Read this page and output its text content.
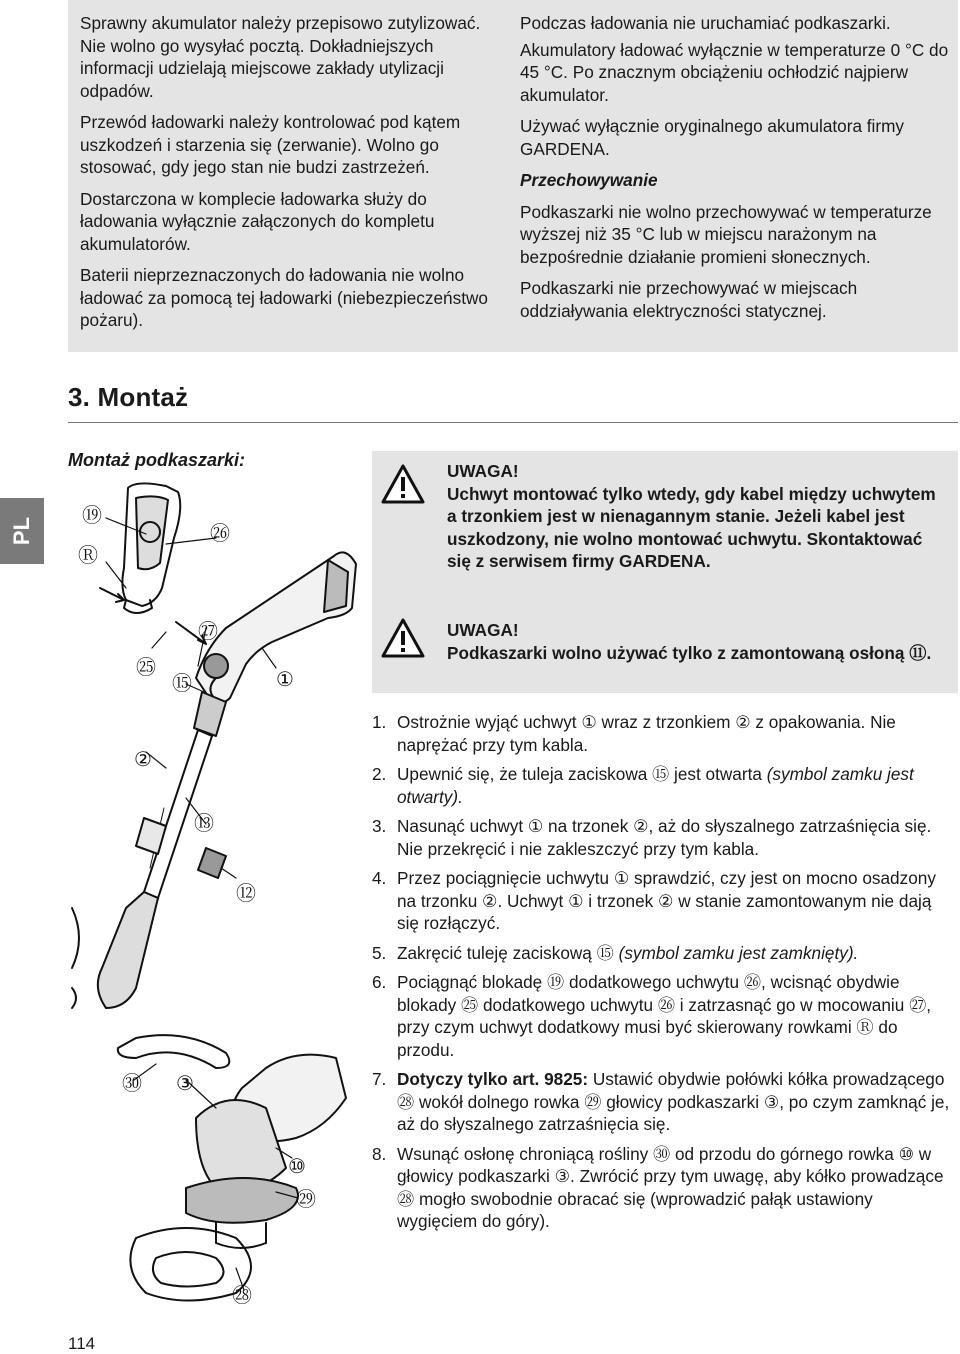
Sprawny akumulator należy przepisowo zutylizować. Nie wolno go wysyłać pocztą. Dokładniejszych informacji udzielają miejscowe zakłady utylizacji odpadów.

Przewód ładowarki należy kontrolować pod kątem uszkodzeń i starzenia się (zerwanie). Wolno go stosować, gdy jego stan nie budzi zastrzeżeń.

Dostarczona w komplecie ładowarka służy do ładowania wyłącznie załączonych do kompletu akumulatorów.

Baterii nieprzeznaczonych do ładowania nie wolno ładować za pomocą tej ładowarki (niebezpieczeństwo pożaru).

Podczas ładowania nie uruchamiać podkaszarki.

Akumulatory ładować wyłącznie w temperaturze 0 °C do 45 °C. Po znacznym obciążeniu ochłodzić najpierw akumulator.

Używać wyłącznie oryginalnego akumulatora firmy GARDENA.

Przechowywanie

Podkaszarki nie wolno przechowywać w temperaturze wyższej niż 35 °C lub w miejscu narażonym na bezpośrednie działanie promieni słonecznych.

Podkaszarki nie przechowywać w miejscach oddziaływania elektryczności statycznej.

3. Montaż
PL
Montaż podkaszarki:
⑲
Ⓡ
㉖
㉗
㉕
⑮	①
②
⑬
⑫
㉚ ③
⑩
㉙
㉘
UWAGA!
Uchwyt montować tylko wtedy, gdy kabel między uchwytem a trzonkiem jest w nienagannym stanie. Jeżeli kabel jest uszkodzony, nie wolno montować uchwytu. Skontaktować się z serwisem firmy GARDENA.
UWAGA!
Podkaszarki wolno używać tylko z zamontowaną osłoną ⑪.
1. Ostrożnie wyjąć uchwyt ① wraz z trzonkiem ② z opakowania. Nie naprężać przy tym kabla.
2. Upewnić się, że tuleja zaciskowa ⑮ jest otwarta (symbol zamku jest otwarty).
3. Nasunąć uchwyt ① na trzonek ②, aż do słyszalnego zatrzaśnięcia się. Nie przekręcić i nie zakleszczyć przy tym kabla.
4. Przez pociągnięcie uchwytu ① sprawdzić, czy jest on mocno osadzony na trzonku ②. Uchwyt ① i trzonek ② w stanie zamontowanym nie dają się rozłączyć.
5. Zakręcić tuleję zaciskową ⑮ (symbol zamku jest zamknięty).
6. Pociągnąć blokadę ⑲ dodatkowego uchwytu ㉖, wcisnąć obydwie blokady ㉕ dodatkowego uchwytu ㉖ i zatrzasnąć go w mocowaniu ㉗, przy czym uchwyt dodatkowy musi być skierowany rowkami Ⓡ do przodu.
7. Dotyczy tylko art. 9825: Ustawić obydwie połówki kółka prowadzącego ㉘ wokół dolnego rowka ㉙ głowicy podkaszarki ③, po czym zamknąć je, aż do słyszalnego zatrzaśnięcia się.
8. Wsunąć osłonę chroniącą rośliny ㉚ od przodu do górnego rowka ⑩ w głowicy podkaszarki ③. Zwrócić przy tym uwagę, aby kółko prowadzące ㉘ mogło swobodnie obracać się (wprowadzić pałąk ustawiony wygięciem do góry).
114
